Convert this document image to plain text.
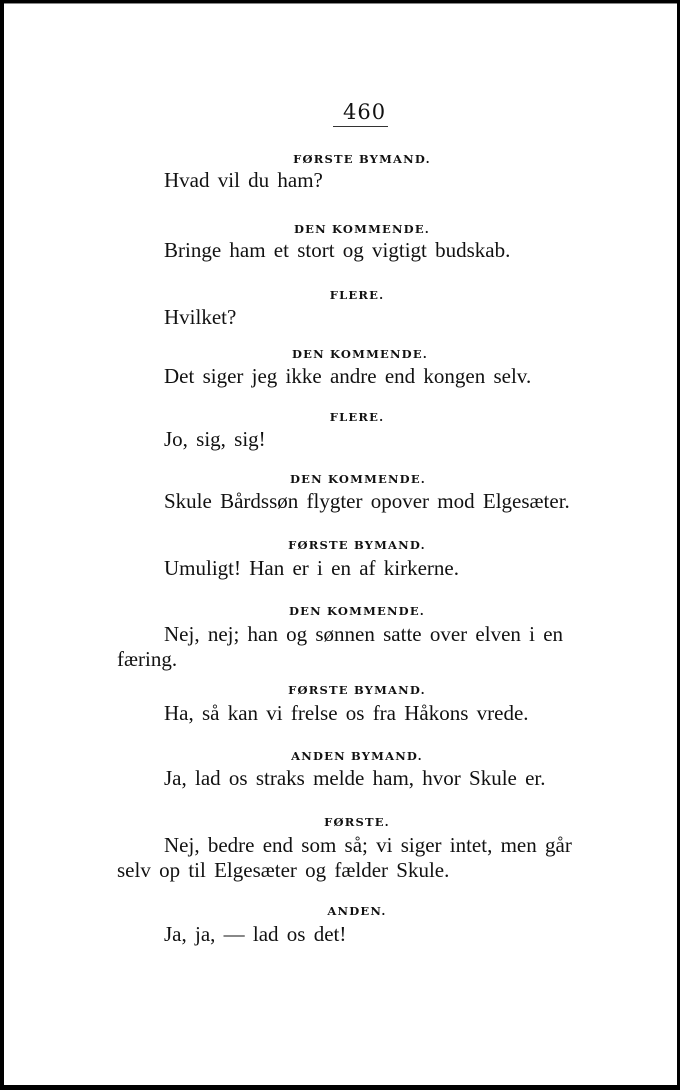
460
FØRSTE BYMAND.
Hvad vil du ham?
DEN KOMMENDE.
Bringe ham et stort og vigtigt budskab.
FLERE.
Hvilket?
DEN KOMMENDE.
Det siger jeg ikke andre end kongen selv.
FLERE.
Jo, sig, sig!
DEN KOMMENDE.
Skule Bårdssøn flygter opover mod Elgesæter.
FØRSTE BYMAND.
Umuligt! Han er i en af kirkerne.
DEN KOMMENDE.
Nej, nej; han og sønnen satte over elven i en
færing.
FØRSTE BYMAND.
Ha, så kan vi frelse os fra Håkons vrede.
ANDEN BYMAND.
Ja, lad os straks melde ham, hvor Skule er.
FØRSTE.
Nej, bedre end som så; vi siger intet, men går
selv op til Elgesæter og fælder Skule.
ANDEN.
Ja, ja, — lad os det!
